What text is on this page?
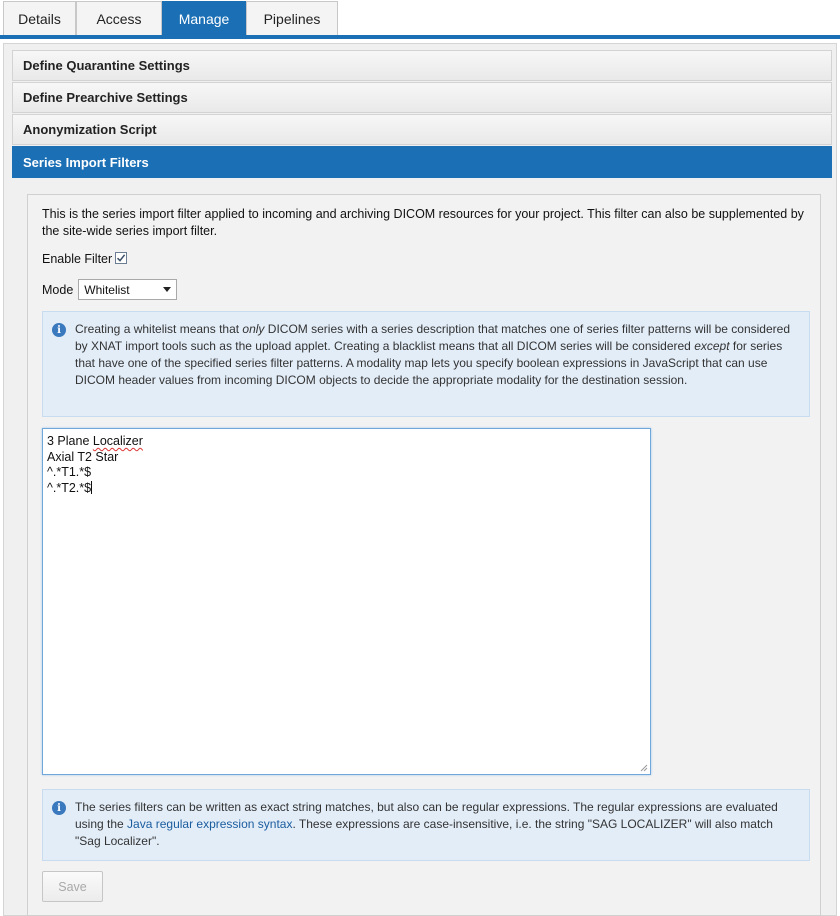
Details	Access	Manage	Pipelines
Define Quarantine Settings
Define Prearchive Settings
Anonymization Script
Series Import Filters
This is the series import filter applied to incoming and archiving DICOM resources for your project. This filter can also be supplemented by the site-wide series import filter.
Enable Filter
Mode Whitelist
i	Creating a whitelist means that only DICOM series with a series description that matches one of series filter patterns will be considered by XNAT import tools such as the upload applet. Creating a blacklist means that all DICOM series will be considered except for series that have one of the specified series filter patterns. A modality map lets you specify boolean expressions in JavaScript that can use DICOM header values from incoming DICOM objects to decide the appropriate modality for the destination session.
3 Plane Localizer
Axial T2 Star
^.*T1.*$
^.*T2.*$
i	The series filters can be written as exact string matches, but also can be regular expressions. The regular expressions are evaluated using the Java regular expression syntax. These expressions are case-insensitive, i.e. the string "SAG LOCALIZER" will also match "Sag Localizer".
Save
